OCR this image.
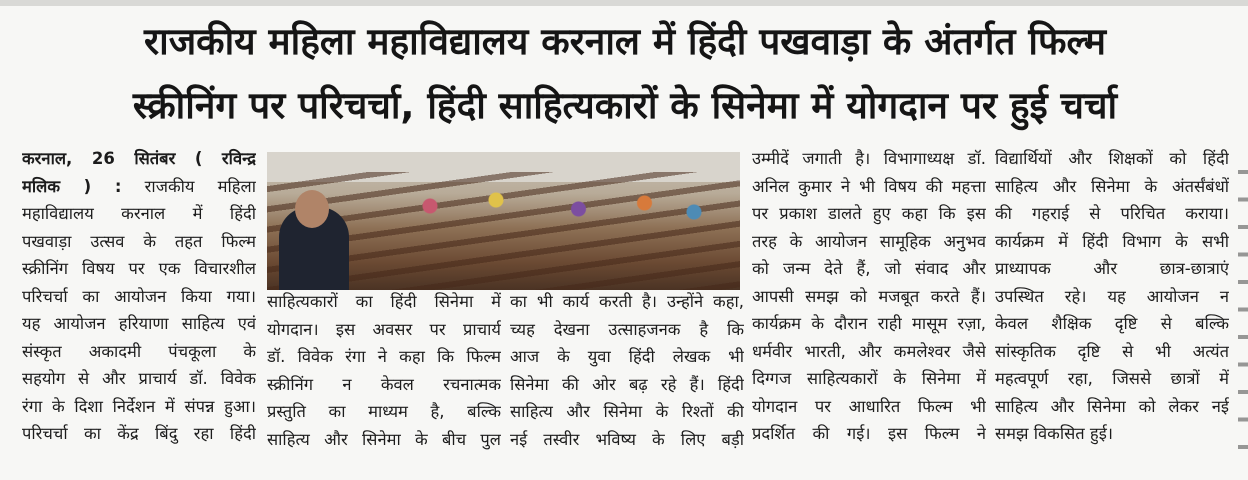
राजकीय महिला महाविद्यालय करनाल में हिंदी पखवाड़ा के अंतर्गत फिल्म
स्क्रीनिंग पर परिचर्चा, हिंदी साहित्यकारों के सिनेमा में योगदान पर हुई चर्चा
करनाल, 26 सितंबर ( रविन्द्र
मलिक ) : राजकीय महिला
महाविद्यालय करनाल में हिंदी
पखवाड़ा उत्सव के तहत फिल्म
स्क्रीनिंग विषय पर एक विचारशील
परिचर्चा का आयोजन किया गया।
यह आयोजन हरियाणा साहित्य एवं
संस्कृत अकादमी पंचकूला के
सहयोग से और प्राचार्य डॉ. विवेक
रंगा के दिशा निर्देशन में संपन्न हुआ।
परिचर्चा का केंद्र बिंदु रहा हिंदी
साहित्यकारों का हिंदी सिनेमा में
योगदान। इस अवसर पर प्राचार्य
डॉ. विवेक रंगा ने कहा कि फिल्म
स्क्रीनिंग न केवल रचनात्मक
प्रस्तुति का माध्यम है, बल्कि
साहित्य और सिनेमा के बीच पुल
का भी कार्य करती है। उन्होंने कहा,
च्यह देखना उत्साहजनक है कि
आज के युवा हिंदी लेखक भी
सिनेमा की ओर बढ़ रहे हैं। हिंदी
साहित्य और सिनेमा के रिश्तों की
नई तस्वीर भविष्य के लिए बड़ी
उम्मीदें जगाती है। विभागाध्यक्ष डॉ.
अनिल कुमार ने भी विषय की महत्ता
पर प्रकाश डालते हुए कहा कि इस
तरह के आयोजन सामूहिक अनुभव
को जन्म देते हैं, जो संवाद और
आपसी समझ को मजबूत करते हैं।
कार्यक्रम के दौरान राही मासूम रज़ा,
धर्मवीर भारती, और कमलेश्वर जैसे
दिग्गज साहित्यकारों के सिनेमा में
योगदान पर आधारित फिल्म भी
प्रदर्शित की गई। इस फिल्म ने
विद्यार्थियों और शिक्षकों को हिंदी
साहित्य और सिनेमा के अंतर्संबंधों
की गहराई से परिचित कराया।
कार्यक्रम में हिंदी विभाग के सभी
प्राध्यापक और छात्र-छात्राएं
उपस्थित रहे। यह आयोजन न
केवल शैक्षिक दृष्टि से बल्कि
सांस्कृतिक दृष्टि से भी अत्यंत
महत्वपूर्ण रहा, जिससे छात्रों में
साहित्य और सिनेमा को लेकर नई
समझ विकसित हुई।
